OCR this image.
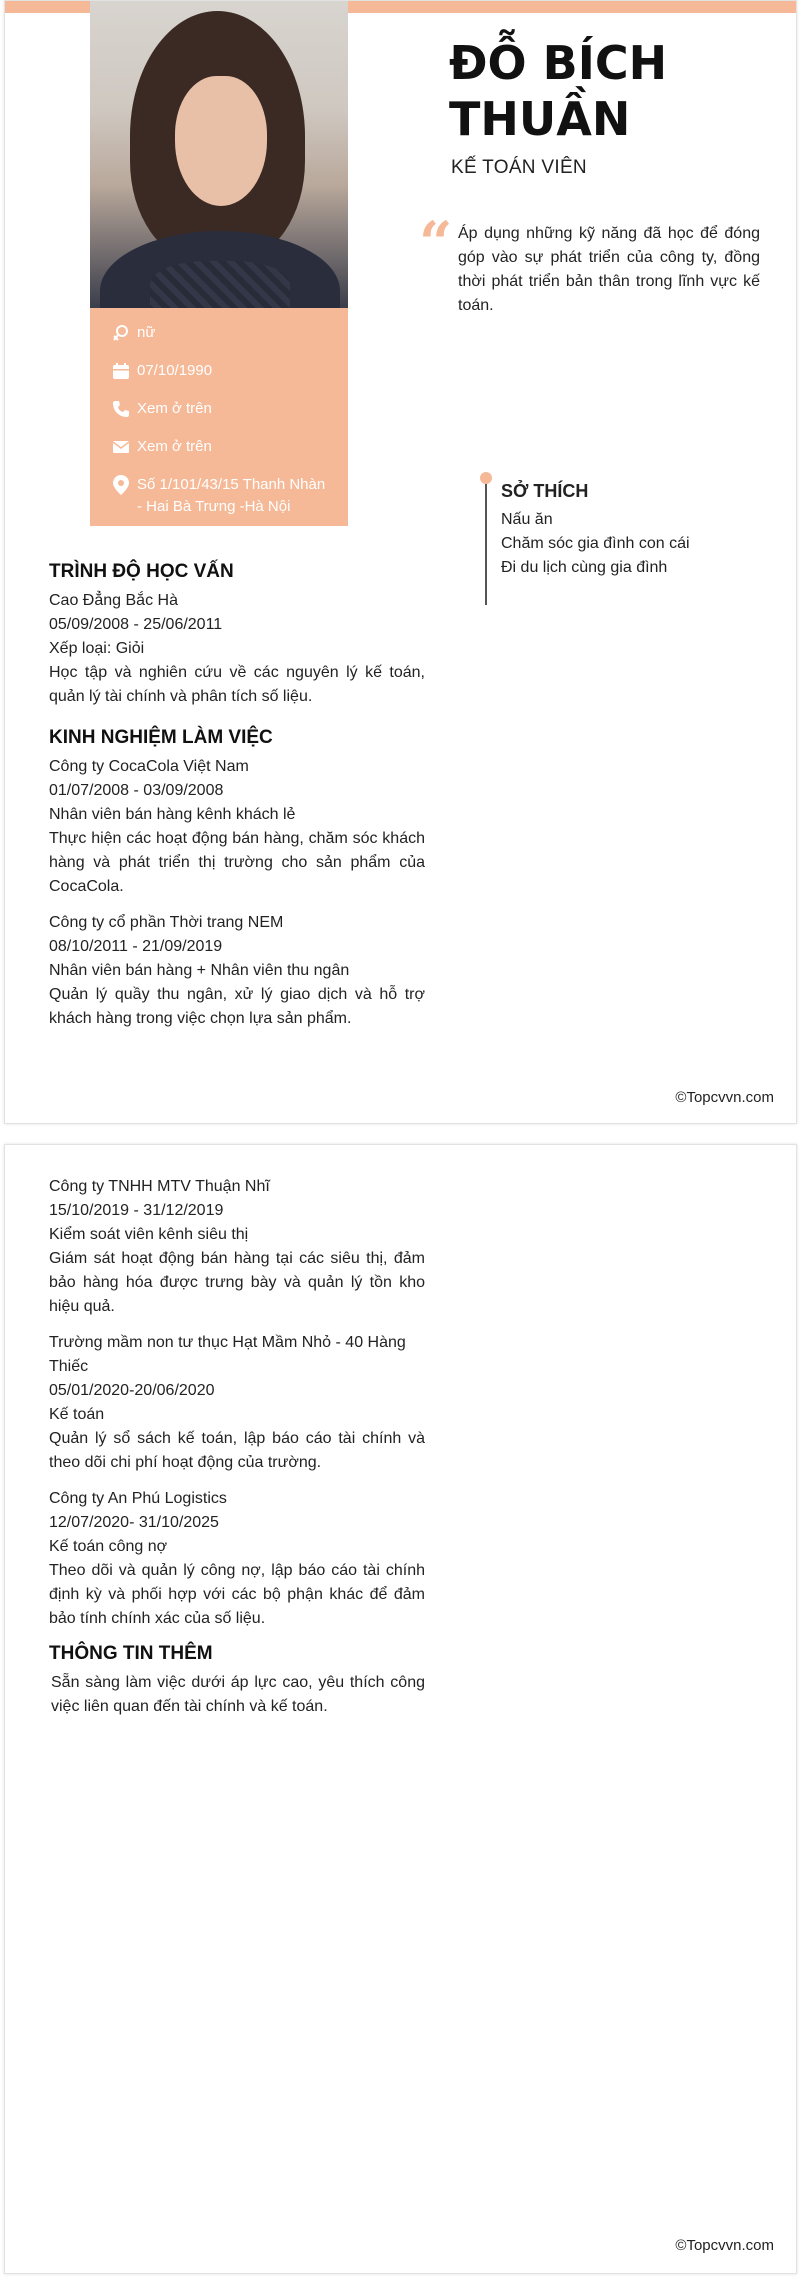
nữ
07/10/1990
Xem ở trên
Xem ở trên
Số 1/101/43/15 Thanh Nhàn - Hai Bà Trưng -Hà Nội
ĐỖ BÍCH THUẦN
KẾ TOÁN VIÊN
“ Áp dụng những kỹ năng đã học để đóng góp vào sự phát triển của công ty, đồng thời phát triển bản thân trong lĩnh vực kế toán.
SỞ THÍCH
Nấu ăn
Chăm sóc gia đình con cái
Đi du lịch cùng gia đình
TRÌNH ĐỘ HỌC VẤN
Cao Đẳng Bắc Hà
05/09/2008 - 25/06/2011
Xếp loại: Giỏi
Học tập và nghiên cứu về các nguyên lý kế toán, quản lý tài chính và phân tích số liệu.
KINH NGHIỆM LÀM VIỆC
Công ty CocaCola Việt Nam
01/07/2008 - 03/09/2008
Nhân viên bán hàng kênh khách lẻ
Thực hiện các hoạt động bán hàng, chăm sóc khách hàng và phát triển thị trường cho sản phẩm của CocaCola.
Công ty cổ phần Thời trang NEM
08/10/2011 - 21/09/2019
Nhân viên bán hàng + Nhân viên thu ngân
Quản lý quầy thu ngân, xử lý giao dịch và hỗ trợ khách hàng trong việc chọn lựa sản phẩm.
©Topcvvn.com
Công ty TNHH MTV Thuận Nhĩ
15/10/2019 - 31/12/2019
Kiểm soát viên kênh siêu thị
Giám sát hoạt động bán hàng tại các siêu thị, đảm bảo hàng hóa được trưng bày và quản lý tồn kho hiệu quả.
Trường mầm non tư thục Hạt Mầm Nhỏ - 40 Hàng Thiếc
05/01/2020-20/06/2020
Kế toán
Quản lý sổ sách kế toán, lập báo cáo tài chính và theo dõi chi phí hoạt động của trường.
Công ty An Phú Logistics
12/07/2020- 31/10/2025
Kế toán công nợ
Theo dõi và quản lý công nợ, lập báo cáo tài chính định kỳ và phối hợp với các bộ phận khác để đảm bảo tính chính xác của số liệu.
THÔNG TIN THÊM
Sẵn sàng làm việc dưới áp lực cao, yêu thích công việc liên quan đến tài chính và kế toán.
©Topcvvn.com
